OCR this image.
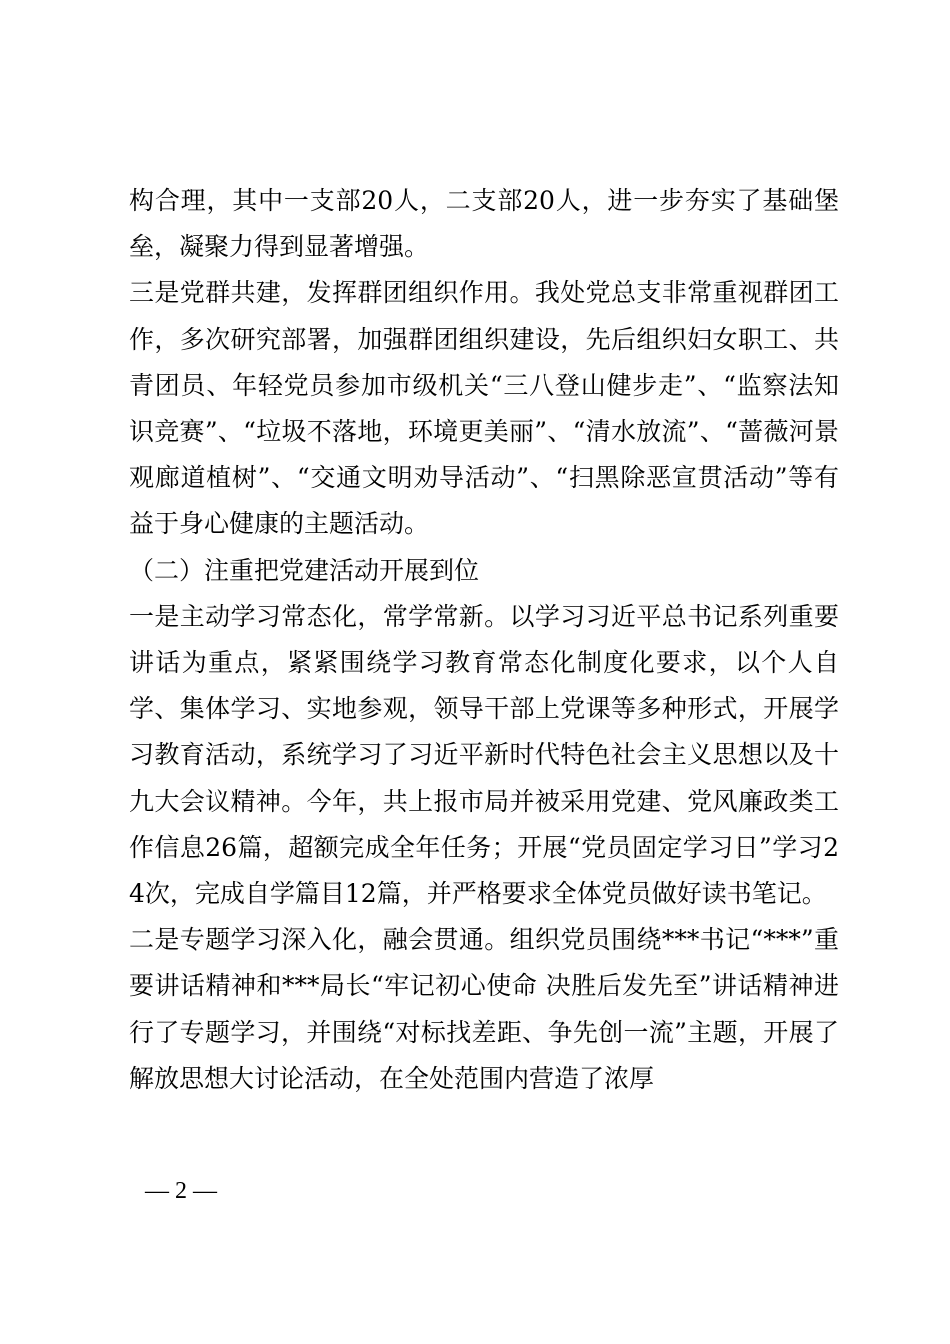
构合理，其中一支部20人，二支部20人，进一步夯实了基础堡垒，凝聚力得到显著增强。

三是党群共建，发挥群团组织作用。我处党总支非常重视群团工作，多次研究部署，加强群团组织建设，先后组织妇女职工、共青团员、年轻党员参加市级机关“三八登山健步走”、“监察法知识竞赛”、“垃圾不落地，环境更美丽”、“清水放流”、“蔷薇河景观廊道植树”、“交通文明劝导活动”、“扫黑除恶宣贯活动”等有益于身心健康的主题活动。

（二）注重把党建活动开展到位

一是主动学习常态化，常学常新。以学习习近平总书记系列重要讲话为重点，紧紧围绕学习教育常态化制度化要求，以个人自学、集体学习、实地参观，领导干部上党课等多种形式，开展学习教育活动，系统学习了习近平新时代特色社会主义思想以及十九大会议精神。今年，共上报市局并被采用党建、党风廉政类工作信息26篇，超额完成全年任务；开展“党员固定学习日”学习24次，完成自学篇目12篇，并严格要求全体党员做好读书笔记。

二是专题学习深入化，融会贯通。组织党员围绕***书记“***”重要讲话精神和***局长“牢记初心使命 决胜后发先至”讲话精神进行了专题学习，并围绕“对标找差距、争先创一流”主题，开展了解放思想大讨论活动，在全处范围内营造了浓厚

— 2 —
